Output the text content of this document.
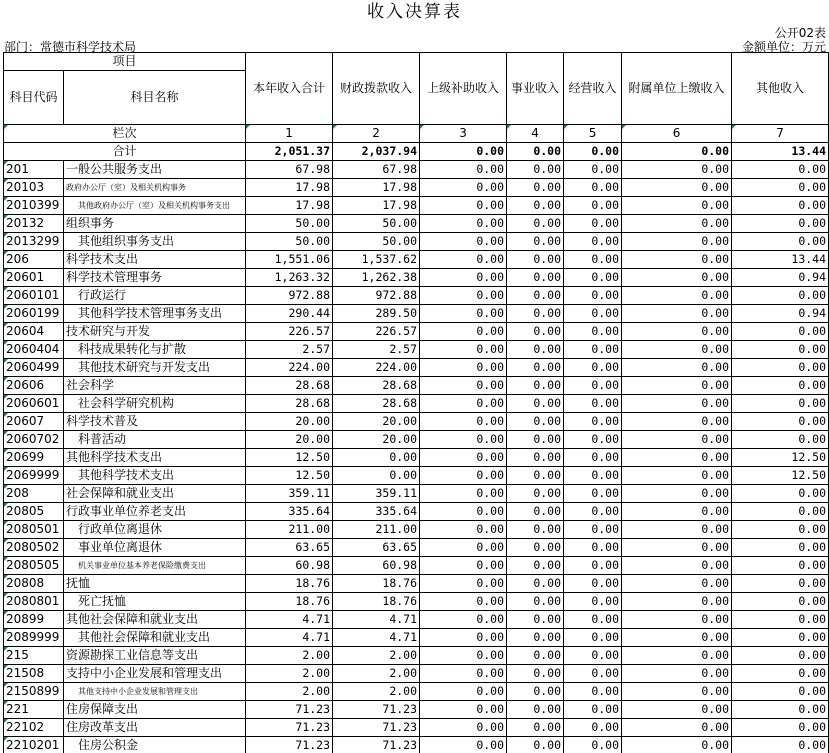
收入决算表
公开02表
部门：常德市科学技术局	金额单位：万元
项目		本年收入合计	财政拨款收入	上级补助收入	事业收入	经营收入	附属单位上缴收入	其他收入
科目代码	科目名称							
栏次		1	2	3	4	5	6	7
合计		2,051.37	2,037.94	0.00	0.00	0.00	0.00	13.44
201	一般公共服务支出	67.98	67.98	0.00	0.00	0.00	0.00	0.00
20103	政府办公厅（室）及相关机构事务	17.98	17.98	0.00	0.00	0.00	0.00	0.00
2010399	其他政府办公厅（室）及相关机构事务支出	17.98	17.98	0.00	0.00	0.00	0.00	0.00
20132	组织事务	50.00	50.00	0.00	0.00	0.00	0.00	0.00
2013299	其他组织事务支出	50.00	50.00	0.00	0.00	0.00	0.00	0.00
206	科学技术支出	1,551.06	1,537.62	0.00	0.00	0.00	0.00	13.44
20601	科学技术管理事务	1,263.32	1,262.38	0.00	0.00	0.00	0.00	0.94
2060101	行政运行	972.88	972.88	0.00	0.00	0.00	0.00	0.00
2060199	其他科学技术管理事务支出	290.44	289.50	0.00	0.00	0.00	0.00	0.94
20604	技术研究与开发	226.57	226.57	0.00	0.00	0.00	0.00	0.00
2060404	科技成果转化与扩散	2.57	2.57	0.00	0.00	0.00	0.00	0.00
2060499	其他技术研究与开发支出	224.00	224.00	0.00	0.00	0.00	0.00	0.00
20606	社会科学	28.68	28.68	0.00	0.00	0.00	0.00	0.00
2060601	社会科学研究机构	28.68	28.68	0.00	0.00	0.00	0.00	0.00
20607	科学技术普及	20.00	20.00	0.00	0.00	0.00	0.00	0.00
2060702	科普活动	20.00	20.00	0.00	0.00	0.00	0.00	0.00
20699	其他科学技术支出	12.50	0.00	0.00	0.00	0.00	0.00	12.50
2069999	其他科学技术支出	12.50	0.00	0.00	0.00	0.00	0.00	12.50
208	社会保障和就业支出	359.11	359.11	0.00	0.00	0.00	0.00	0.00
20805	行政事业单位养老支出	335.64	335.64	0.00	0.00	0.00	0.00	0.00
2080501	行政单位离退休	211.00	211.00	0.00	0.00	0.00	0.00	0.00
2080502	事业单位离退休	63.65	63.65	0.00	0.00	0.00	0.00	0.00
2080505	机关事业单位基本养老保险缴费支出	60.98	60.98	0.00	0.00	0.00	0.00	0.00
20808	抚恤	18.76	18.76	0.00	0.00	0.00	0.00	0.00
2080801	死亡抚恤	18.76	18.76	0.00	0.00	0.00	0.00	0.00
20899	其他社会保障和就业支出	4.71	4.71	0.00	0.00	0.00	0.00	0.00
2089999	其他社会保障和就业支出	4.71	4.71	0.00	0.00	0.00	0.00	0.00
215	资源勘探工业信息等支出	2.00	2.00	0.00	0.00	0.00	0.00	0.00
21508	支持中小企业发展和管理支出	2.00	2.00	0.00	0.00	0.00	0.00	0.00
2150899	其他支持中小企业发展和管理支出	2.00	2.00	0.00	0.00	0.00	0.00	0.00
221	住房保障支出	71.23	71.23	0.00	0.00	0.00	0.00	0.00
22102	住房改革支出	71.23	71.23	0.00	0.00	0.00	0.00	0.00
2210201	住房公积金	71.23	71.23	0.00	0.00	0.00	0.00	0.00
